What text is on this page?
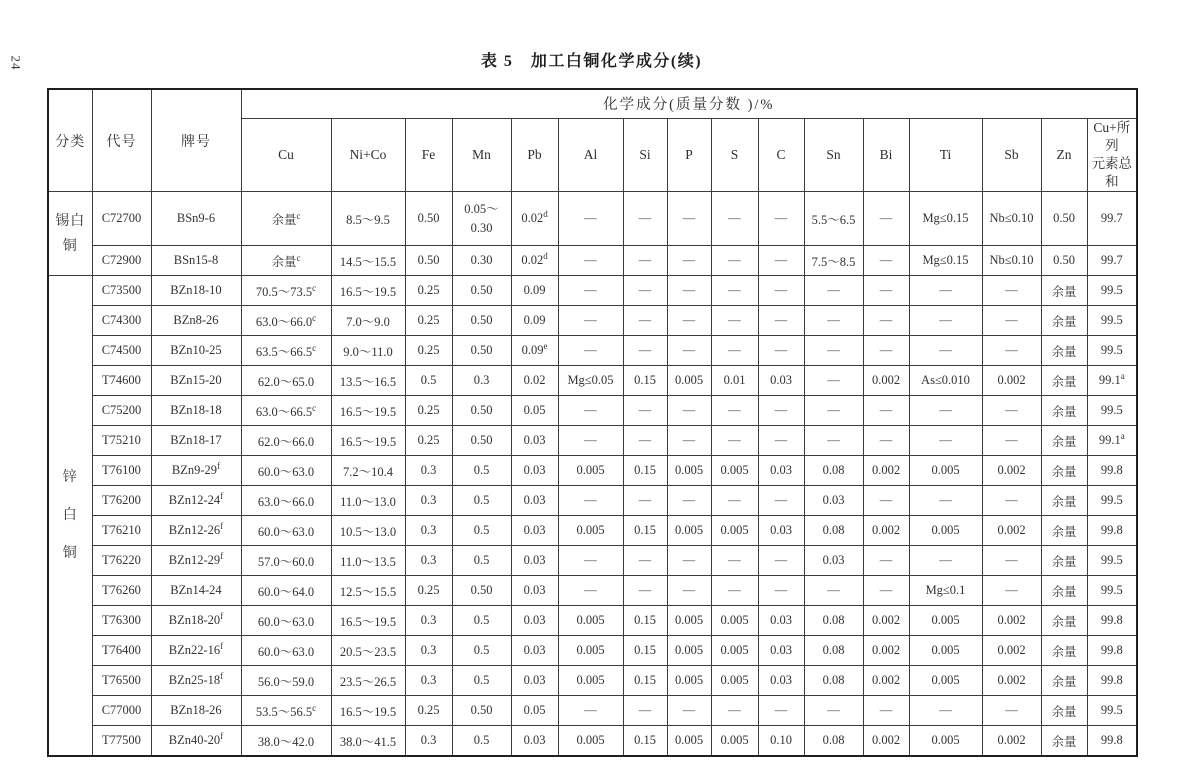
24	表 5　加工白铜化学成分(续)
分类	代号	牌号	化学成分(质量分数 )/%															
			Cu	Ni+Co	Fe	Mn	Pb	Al	Si	P	S	C	Sn	Bi	Ti	Sb	Zn	Cu+所列
元素总和
锡白
铜	C72700	BSn9-6	余量$^c$	8.5～9.5	0.50	0.05～
0.30	0.02$^d$	—	—	—	—	—	5.5～6.5	—	Mg≤0.15	Nb≤0.10	0.50	99.7
	C72900	BSn15-8	余量$^c$	14.5～15.5	0.50	0.30	0.02$^d$	—	—	—	—	—	7.5～8.5	—	Mg≤0.15	Nb≤0.10	0.50	99.7
锌
白
铜	C73500	BZn18-10	70.5～73.5$^c$	16.5～19.5	0.25	0.50	0.09	—	—	—	—	—	—	—	—	—	余量	99.5
	C74300	BZn8-26	63.0～66.0$^c$	7.0～9.0	0.25	0.50	0.09	—	—	—	—	—	—	—	—	—	余量	99.5
	C74500	BZn10-25	63.5～66.5$^c$	9.0～11.0	0.25	0.50	0.09e	—	—	—	—	—	—	—	—	—	余量	99.5
	T74600	BZn15-20	62.0～65.0	13.5～16.5	0.5	0.3	0.02	Mg≤0.05	0.15	0.005	0.01	0.03	—	0.002	As≤0.010	0.002	余量	99.1$^a$
	C75200	BZn18-18	63.0～66.5$^c$	16.5～19.5	0.25	0.50	0.05	—	—	—	—	—	—	—	—	—	余量	99.5
	T75210	BZn18-17	62.0～66.0	16.5～19.5	0.25	0.50	0.03	—	—	—	—	—	—	—	—	—	余量	99.1$^a$
	T76100	BZn9-29$^f$	60.0～63.0	7.2～10.4	0.3	0.5	0.03	0.005	0.15	0.005	0.005	0.03	0.08	0.002	0.005	0.002	余量	99.8
	T76200	BZn12-24$^f$	63.0～66.0	11.0～13.0	0.3	0.5	0.03	—	—	—	—	—	0.03	—	—	—	余量	99.5
	T76210	BZn12-26$^f$	60.0～63.0	10.5～13.0	0.3	0.5	0.03	0.005	0.15	0.005	0.005	0.03	0.08	0.002	0.005	0.002	余量	99.8
	T76220	BZn12-29$^f$	57.0～60.0	11.0～13.5	0.3	0.5	0.03	—	—	—	—	—	0.03	—	—	—	余量	99.5
	T76260	BZn14-24	60.0～64.0	12.5～15.5	0.25	0.50	0.03	—	—	—	—	—	—	—	Mg≤0.1	—	余量	99.5
	T76300	BZn18-20$^f$	60.0～63.0	16.5～19.5	0.3	0.5	0.03	0.005	0.15	0.005	0.005	0.03	0.08	0.002	0.005	0.002	余量	99.8
	T76400	BZn22-16$^f$	60.0～63.0	20.5～23.5	0.3	0.5	0.03	0.005	0.15	0.005	0.005	0.03	0.08	0.002	0.005	0.002	余量	99.8
	T76500	BZn25-18$^f$	56.0～59.0	23.5～26.5	0.3	0.5	0.03	0.005	0.15	0.005	0.005	0.03	0.08	0.002	0.005	0.002	余量	99.8
	C77000	BZn18-26	53.5～56.5$^c$	16.5～19.5	0.25	0.50	0.05	—	—	—	—	—	—	—	—	—	余量	99.5
	T77500	BZn40-20$^f$	38.0～42.0	38.0～41.5	0.3	0.5	0.03	0.005	0.15	0.005	0.005	0.10	0.08	0.002	0.005	0.002	余量	99.8
